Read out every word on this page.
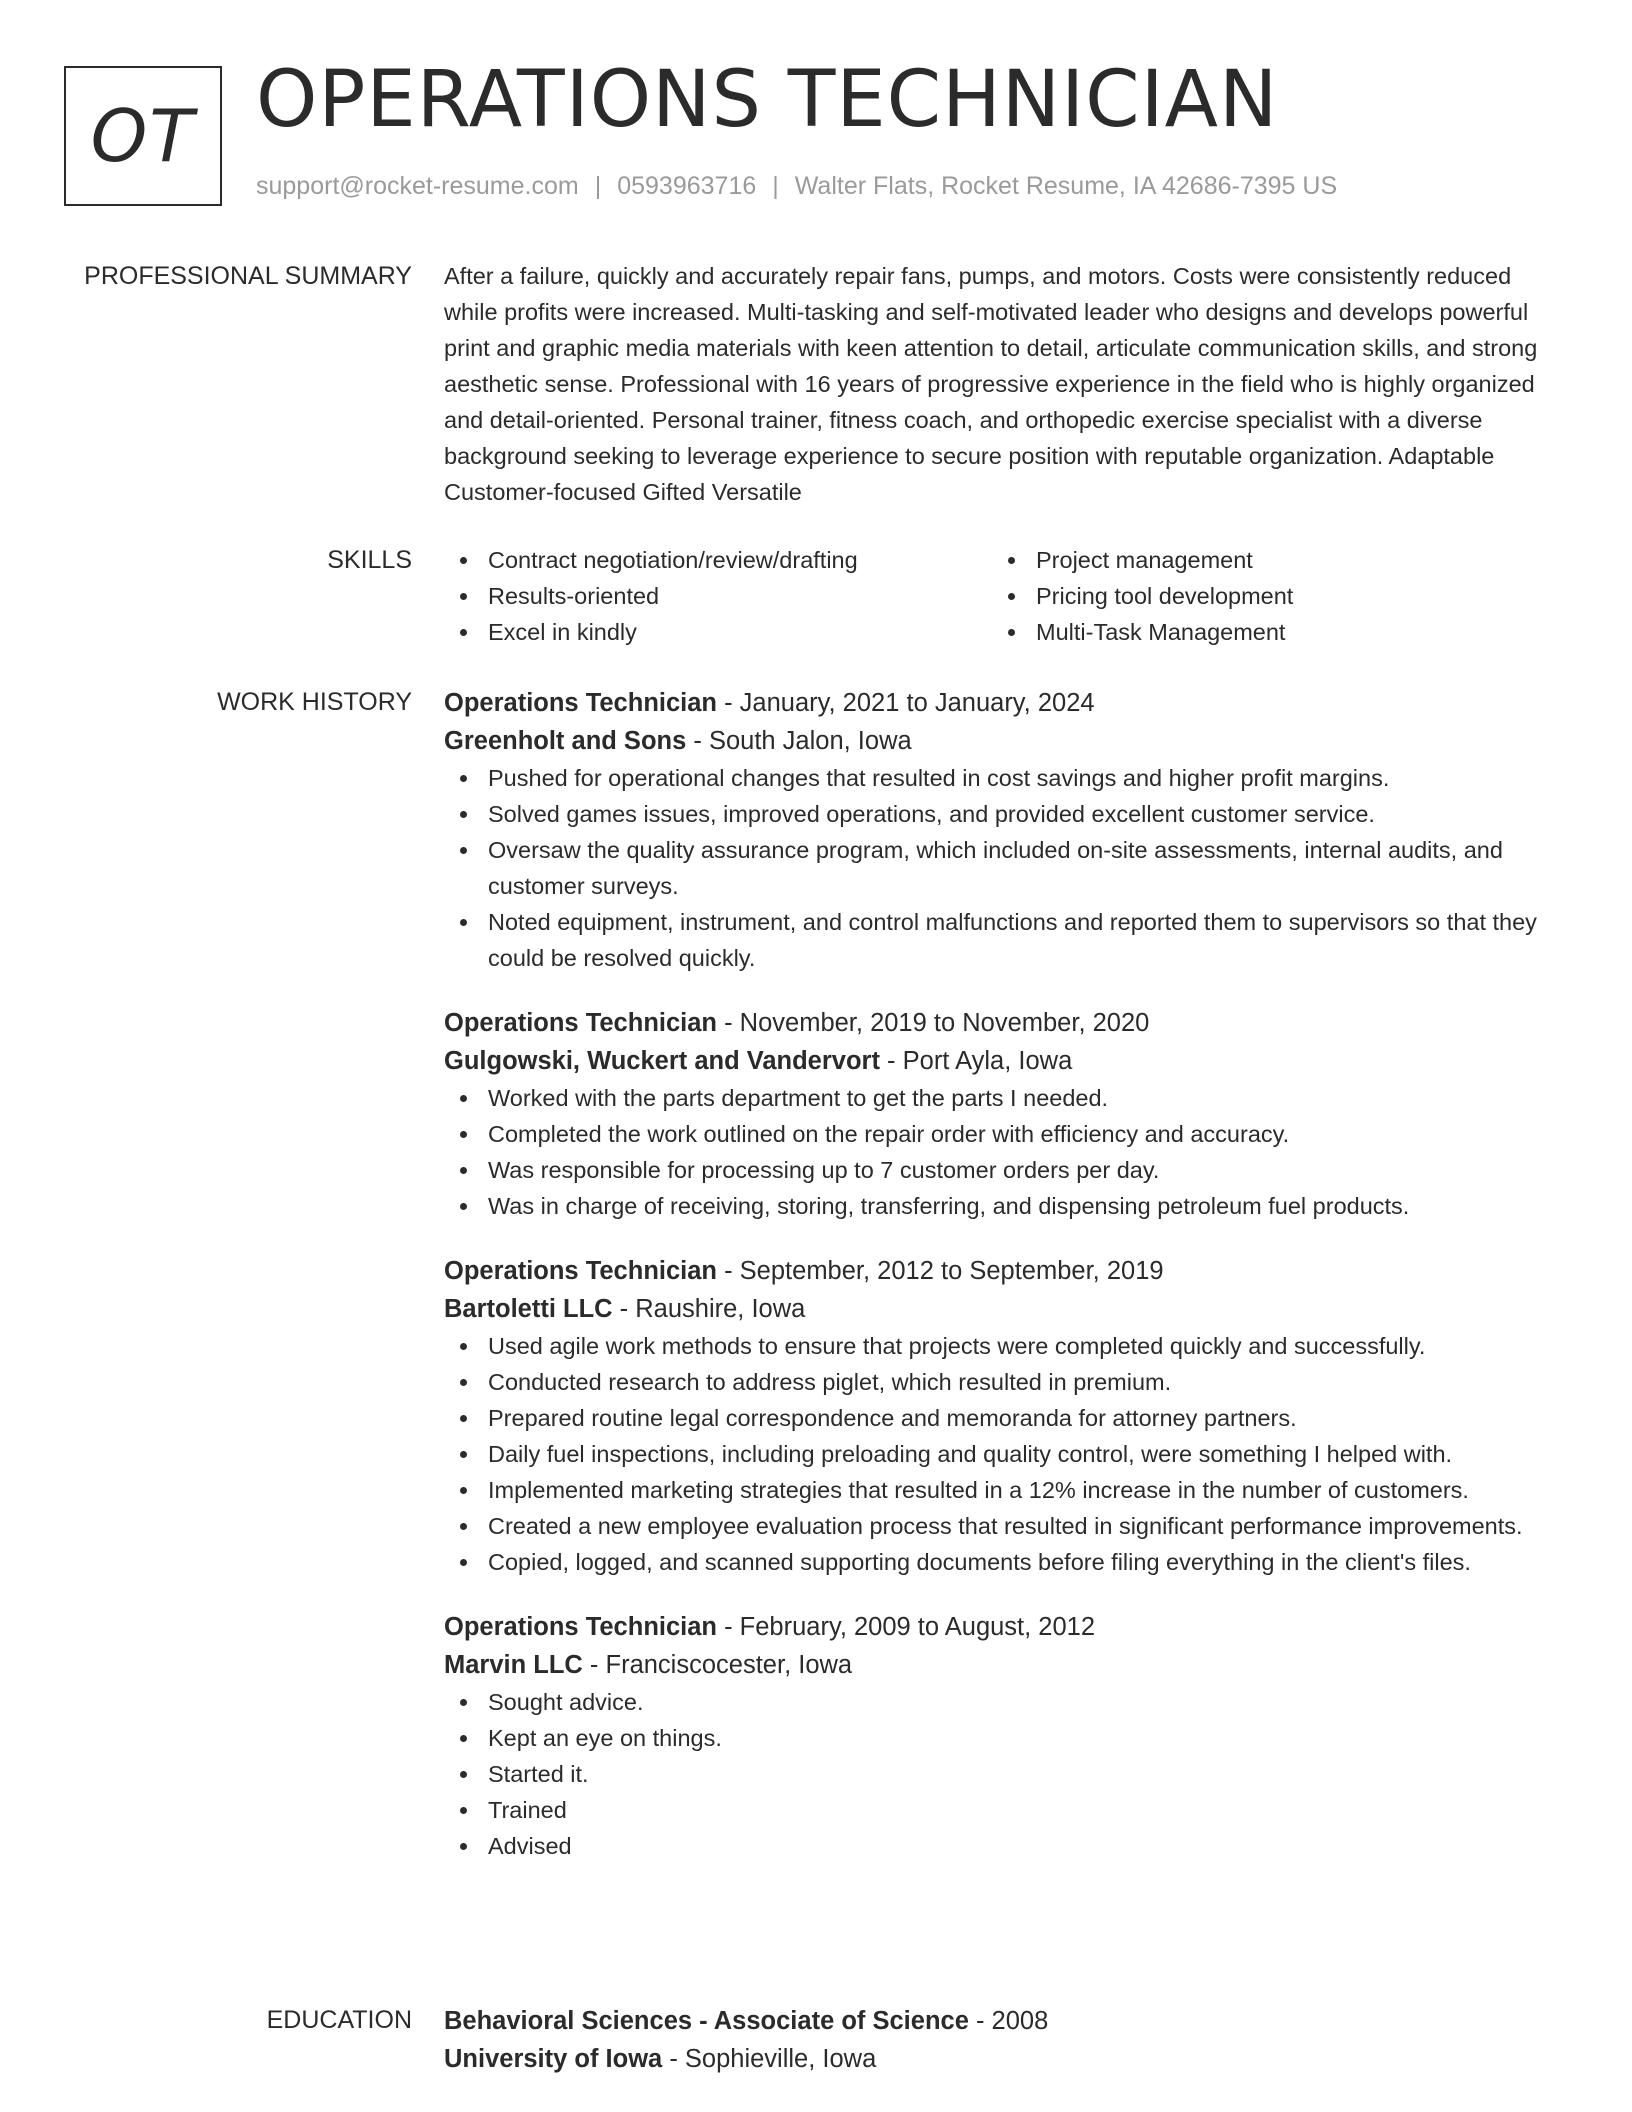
OT OPERATIONS TECHNICIAN
support@rocket-resume.com | 0593963716 | Walter Flats, Rocket Resume, IA 42686-7395 US
PROFESSIONAL SUMMARY After a failure, quickly and accurately repair fans, pumps, and motors. Costs were consistently reduced while profits were increased. Multi-tasking and self-motivated leader who designs and develops powerful print and graphic media materials with keen attention to detail, articulate communication skills, and strong aesthetic sense. Professional with 16 years of progressive experience in the field who is highly organized and detail-oriented. Personal trainer, fitness coach, and orthopedic exercise specialist with a diverse background seeking to leverage experience to secure position with reputable organization. Adaptable Customer-focused Gifted Versatile

SKILLS	Contract negotiation/review/drafting
Results-oriented
Excel in kindly
Project management
Pricing tool development
Multi-Task Management
WORK HISTORY Operations Technician - January, 2021 to January, 2024
Greenholt and Sons - South Jalon, Iowa
Pushed for operational changes that resulted in cost savings and higher profit margins.
Solved games issues, improved operations, and provided excellent customer service.
Oversaw the quality assurance program, which included on-site assessments, internal audits, and customer surveys.
Noted equipment, instrument, and control malfunctions and reported them to supervisors so that they could be resolved quickly.
Operations Technician - November, 2019 to November, 2020
Gulgowski, Wuckert and Vandervort - Port Ayla, Iowa
Worked with the parts department to get the parts I needed.
Completed the work outlined on the repair order with efficiency and accuracy.
Was responsible for processing up to 7 customer orders per day.
Was in charge of receiving, storing, transferring, and dispensing petroleum fuel products.
Operations Technician - September, 2012 to September, 2019
Bartoletti LLC - Raushire, Iowa
Used agile work methods to ensure that projects were completed quickly and successfully.
Conducted research to address piglet, which resulted in premium.
Prepared routine legal correspondence and memoranda for attorney partners.
Daily fuel inspections, including preloading and quality control, were something I helped with.
Implemented marketing strategies that resulted in a 12% increase in the number of customers.
Created a new employee evaluation process that resulted in significant performance improvements.
Copied, logged, and scanned supporting documents before filing everything in the client's files.
Operations Technician - February, 2009 to August, 2012
Marvin LLC - Franciscocester, Iowa
Sought advice.
Kept an eye on things.
Started it.
Trained
Advised
EDUCATION Behavioral Sciences - Associate of Science - 2008
University of Iowa - Sophieville, Iowa
